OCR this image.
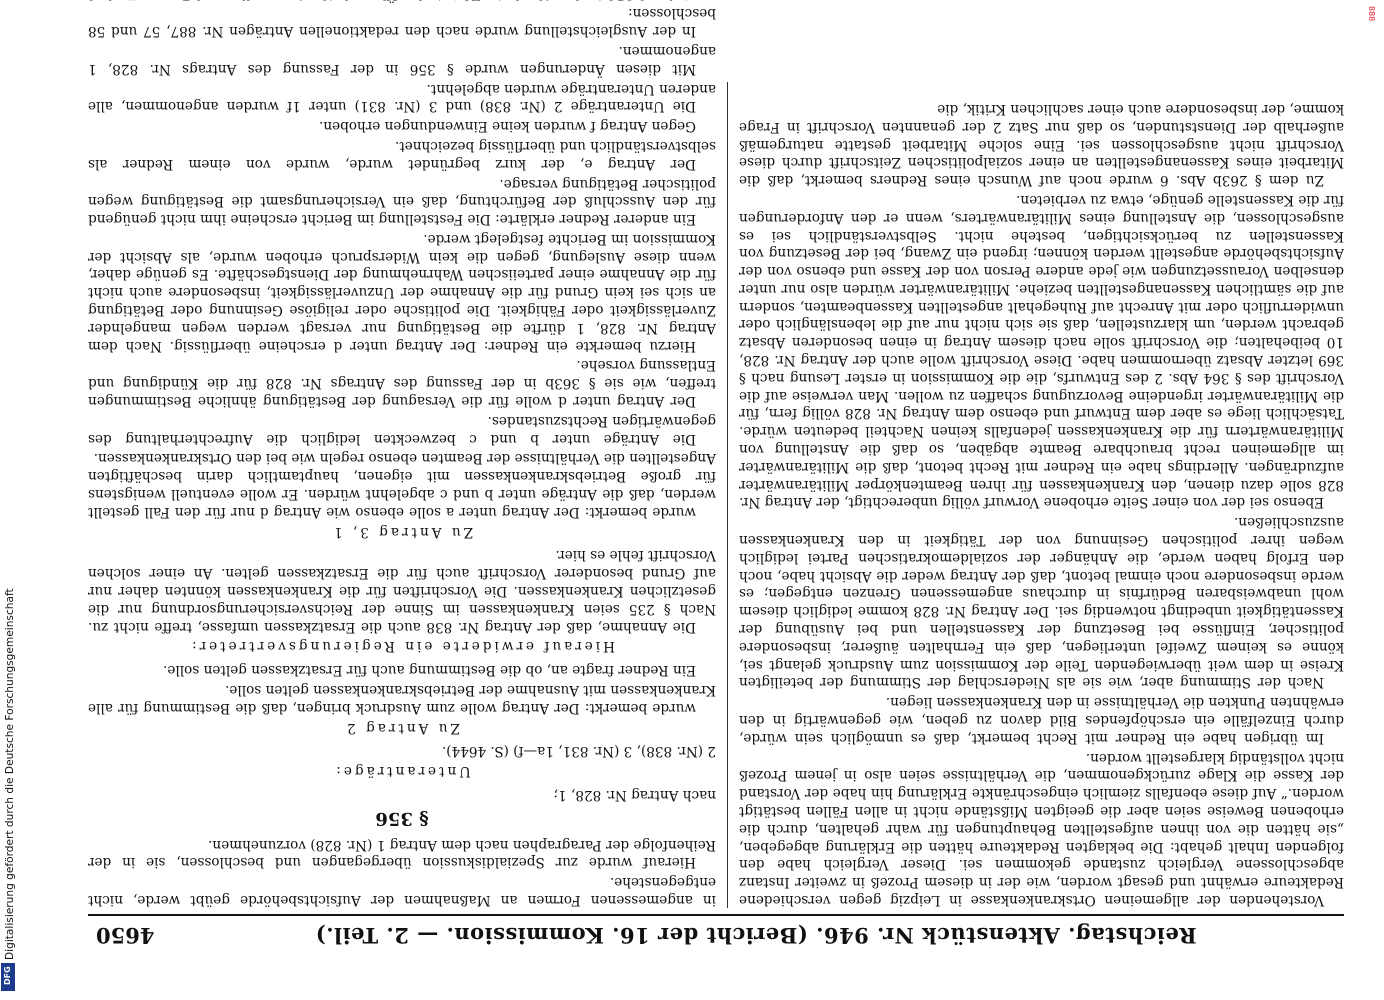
888
Digitalisierung gefördert durch die Deutsche Forschungsgemeinschaft
DFG
Reichstag. Aktenstück Nr. 946. (Bericht der 16. Kommission. — 2. Teil.)
4650

Vorstehenden der allgemeinen Ortskrankenkasse in Leipzig gegen verschiedene Redakteure erwähnt und gesagt worden, wie der in diesem Prozeß in zweiter Instanz abgeschlossene Vergleich zustande gekommen sei. Dieser Vergleich habe den folgenden Inhalt gehabt: Die beklagten Redakteure hätten die Erklärung abgegeben, „sie hätten die von ihnen aufgestellten Behauptungen für wahr gehalten, durch die erhobenen Beweise seien aber die geeigten Mißstände nicht in allen Fällen bestätigt worden.“ Auf diese ebenfalls ziemlich eingeschränkte Erklärung hin habe der Vorstand der Kasse die Klage zurückgenommen, die Verhältnisse seien also in jenem Prozeß nicht vollständig klargestellt worden.

Im übrigen habe ein Redner mit Recht bemerkt, daß es unmöglich sein würde, durch Einzelfälle ein erschöpfendes Bild davon zu geben, wie gegenwärtig in den erwähnten Punkten die Verhältnisse in den Krankenkassen liegen.

Nach der Stimmung aber, wie sie als Niederschlag der Stimmung der beteiligten Kreise in dem weit überwiegenden Teile der Kommission zum Ausdruck gelangt sei, könne es keinem Zweifel unterliegen, daß ein Fernhalten äußerer, insbesondere politischer, Einflüsse bei Besetzung der Kassenstellen und bei Ausübung der Kassentätigkeit unbedingt notwendig sei. Der Antrag Nr. 828 komme lediglich diesem wohl unabweisbaren Bedürfnis in durchaus angemessenen Grenzen entgegen; es werde insbesondere noch einmal betont, daß der Antrag weder die Absicht habe, noch den Erfolg haben werde, die Anhänger der sozialdemokratischen Partei lediglich wegen ihrer politischen Gesinnung von der Tätigkeit in den Krankenkassen auszuschließen.

Ebenso sei der von einer Seite erhobene Vorwurf völlig unberechtigt, der Antrag Nr. 828 solle dazu dienen, den Krankenkassen für ihren Beamtenkörper Militäranwärter aufzudrängen. Allerdings habe ein Redner mit Recht betont, daß die Militäranwärter im allgemeinen recht brauchbare Beamte abgäben, so daß die Anstellung von Militäranwärtern für die Krankenkassen jedenfalls keinen Nachteil bedeuten würde. Tatsächlich liege es aber dem Entwurf und ebenso dem Antrag Nr. 828 völlig fern, für die Militäranwärter irgendeine Bevorzugung schaffen zu wollen. Man verweise auf die Vorschrift des § 364 Abs. 2 des Entwurfs, die die Kommission in erster Lesung nach § 369 letzter Absatz übernommen habe. Diese Vorschrift wolle auch der Antrag Nr. 828, 10 beibehalten; die Vorschrift solle nach diesem Antrag in einen besonderen Absatz gebracht werden, um klarzustellen, daß sie sich nicht nur auf die lebenslänglich oder unwiderruflich oder mit Anrecht auf Ruhegehalt angestellten Kassenbeamten, sondern auf die sämtlichen Kassenangestellten beziehe. Militäranwärter würden also nur unter denselben Voraussetzungen wie jede andere Person von der Kasse und ebenso von der Aufsichtsbehörde angestellt werden können; irgend ein Zwang, bei der Besetzung von Kassenstellen zu berücksichtigen, bestehe nicht. Selbstverständlich sei es ausgeschlossen, die Anstellung eines Militäranwärters, wenn er den Anforderungen für die Kassenstelle genüge, etwa zu verbieten.

Zu dem § 263b Abs. 6 wurde noch auf Wunsch eines Redners bemerkt, daß die Mitarbeit eines Kassenangestellten an einer sozialpolitischen Zeitschrift durch diese Vorschrift nicht ausgeschlossen sei. Eine solche Mitarbeit gestatte naturgemäß außerhalb der Dienststunden, so daß nur Satz 2 der genannten Vorschrift in Frage komme, der insbesondere auch einer sachlichen Kritik, die

in angemessenen Formen an Maßnahmen der Aufsichtsbehörde geübt werde, nicht entgegenstehe.

Hierauf wurde zur Spezialdiskussion übergegangen und beschlossen, sie in der Reihenfolge der Paragraphen nach dem Antrag 1 (Nr. 828) vorzunehmen.

§ 356

nach Antrag Nr. 828, 1;

Unteranträge:

2 (Nr. 838), 3 (Nr. 831, 1a—f) (S. 4644).

Zu Antrag 2

wurde bemerkt: Der Antrag wolle zum Ausdruck bringen, daß die Bestimmung für alle Krankenkassen mit Ausnahme der Betriebskrankenkassen gelten solle.

Ein Redner fragte an, ob die Bestimmung auch für Ersatzkassen gelten solle.

Hierauf erwiderte ein Regierungsvertreter:

Die Annahme, daß der Antrag Nr. 838 auch die Ersatzkassen umfasse, treffe nicht zu. Nach § 235 seien Krankenkassen im Sinne der Reichsversicherungsordnung nur die gesetzlichen Krankenkassen. Die Vorschriften für die Krankenkassen könnten daher nur auf Grund besonderer Vorschrift auch für die Ersatzkassen gelten. An einer solchen Vorschrift fehle es hier.

Zu Antrag 3, 1

wurde bemerkt: Der Antrag unter a solle ebenso wie Antrag d nur für den Fall gestellt werden, daß die Anträge unter b und c abgelehnt würden. Er wolle eventuell wenigstens für große Betriebskrankenkassen mit eigenen, hauptamtlich darin beschäftigten Angestellten die Verhältnisse der Beamten ebenso regeln wie bei den Ortskrankenkassen.

Die Anträge unter b und c bezweckten lediglich die Aufrechterhaltung des gegenwärtigen Rechtszustandes.

Der Antrag unter d wolle für die Versagung der Bestätigung ähnliche Bestimmungen treffen, wie sie § 363b in der Fassung des Antrags Nr. 828 für die Kündigung und Entlassung vorsehe.

Hierzu bemerkte ein Redner: Der Antrag unter d erscheine überflüssig. Nach dem Antrag Nr. 828, 1 dürfte die Bestätigung nur versagt werden wegen mangelnder Zuverlässigkeit oder Fähigkeit. Die politische oder religiöse Gesinnung oder Betätigung an sich sei kein Grund für die Annahme der Unzuverlässigkeit, insbesondere auch nicht für die Annahme einer parteiischen Wahrnehmung der Dienstgeschäfte. Es genüge daher, wenn diese Auslegung, gegen die kein Widerspruch erhoben wurde, als Absicht der Kommission im Berichte festgelegt werde.

Ein anderer Redner erklärte: Die Feststellung im Bericht erscheine ihm nicht genügend für den Ausschluß der Befürchtung, daß ein Versicherungsamt die Bestätigung wegen politischer Betätigung versage.

Der Antrag e, der kurz begründet wurde, wurde von einem Redner als selbstverständlich und überflüssig bezeichnet.

Gegen Antrag f wurden keine Einwendungen erhoben.

Die Unteranträge 2 (Nr. 838) und 3 (Nr. 831) unter 1f wurden angenommen, alle anderen Unteranträge wurden abgelehnt.

Mit diesen Änderungen wurde § 356 in der Fassung des Antrags Nr. 828, 1 angenommen.

In der Ausgleichstellung wurde nach den redaktionellen Anträgen Nr. 887, 57 und 58 beschlossen:
